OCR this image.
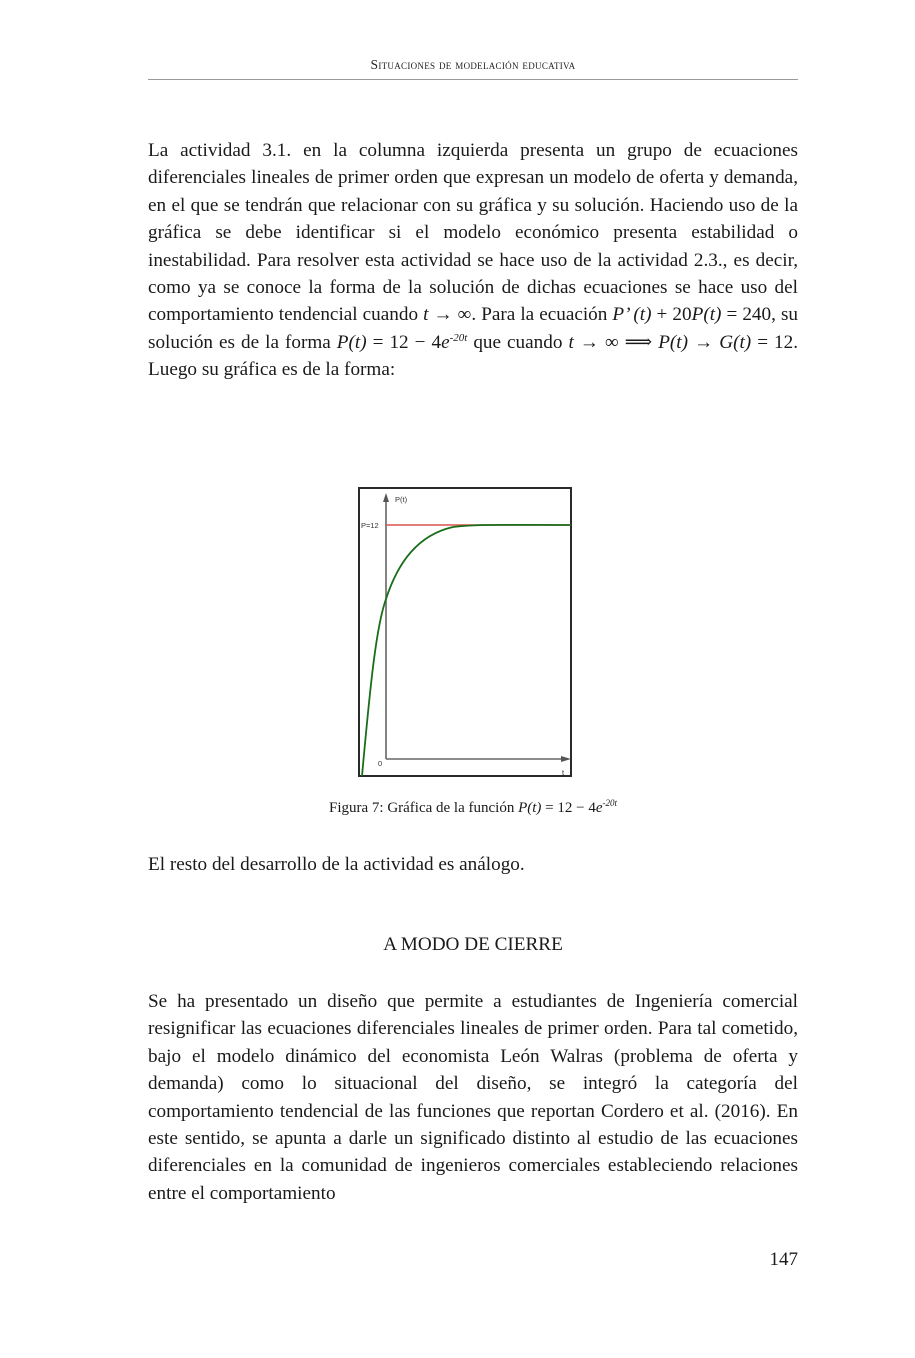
Situaciones de modelación educativa

La actividad 3.1. en la columna izquierda presenta un grupo de ecuaciones diferenciales lineales de primer orden que expresan un modelo de oferta y demanda, en el que se tendrán que relacionar con su gráfica y su solución. Haciendo uso de la gráfica se debe identificar si el modelo económico presenta estabilidad o inestabilidad. Para resolver esta actividad se hace uso de la actividad 2.3., es decir, como ya se conoce la forma de la solución de dichas ecuaciones se hace uso del comportamiento tendencial cuando t → ∞. Para la ecuación P’ (t) + 20P(t) = 240, su solución es de la forma $P(t) = 12 - 4e^{-20t}$ que cuando t → ∞ ⟹ P(t) → G(t) = 12. Luego su gráfica es de la forma:

P(t)
P=12
0
t
Figura 7: Gráfica de la función $P(t) = 12 - 4e^{-20t}$

El resto del desarrollo de la actividad es análogo.

A MODO DE CIERRE

Se ha presentado un diseño que permite a estudiantes de Ingeniería comercial resignificar las ecuaciones diferenciales lineales de primer orden. Para tal cometido, bajo el modelo dinámico del economista León Walras (problema de oferta y demanda) como lo situacional del diseño, se integró la categoría del comportamiento tendencial de las funciones que reportan Cordero et al. (2016). En este sentido, se apunta a darle un significado distinto al estudio de las ecuaciones diferenciales en la comunidad de ingenieros comerciales estableciendo relaciones entre el comportamiento

147
